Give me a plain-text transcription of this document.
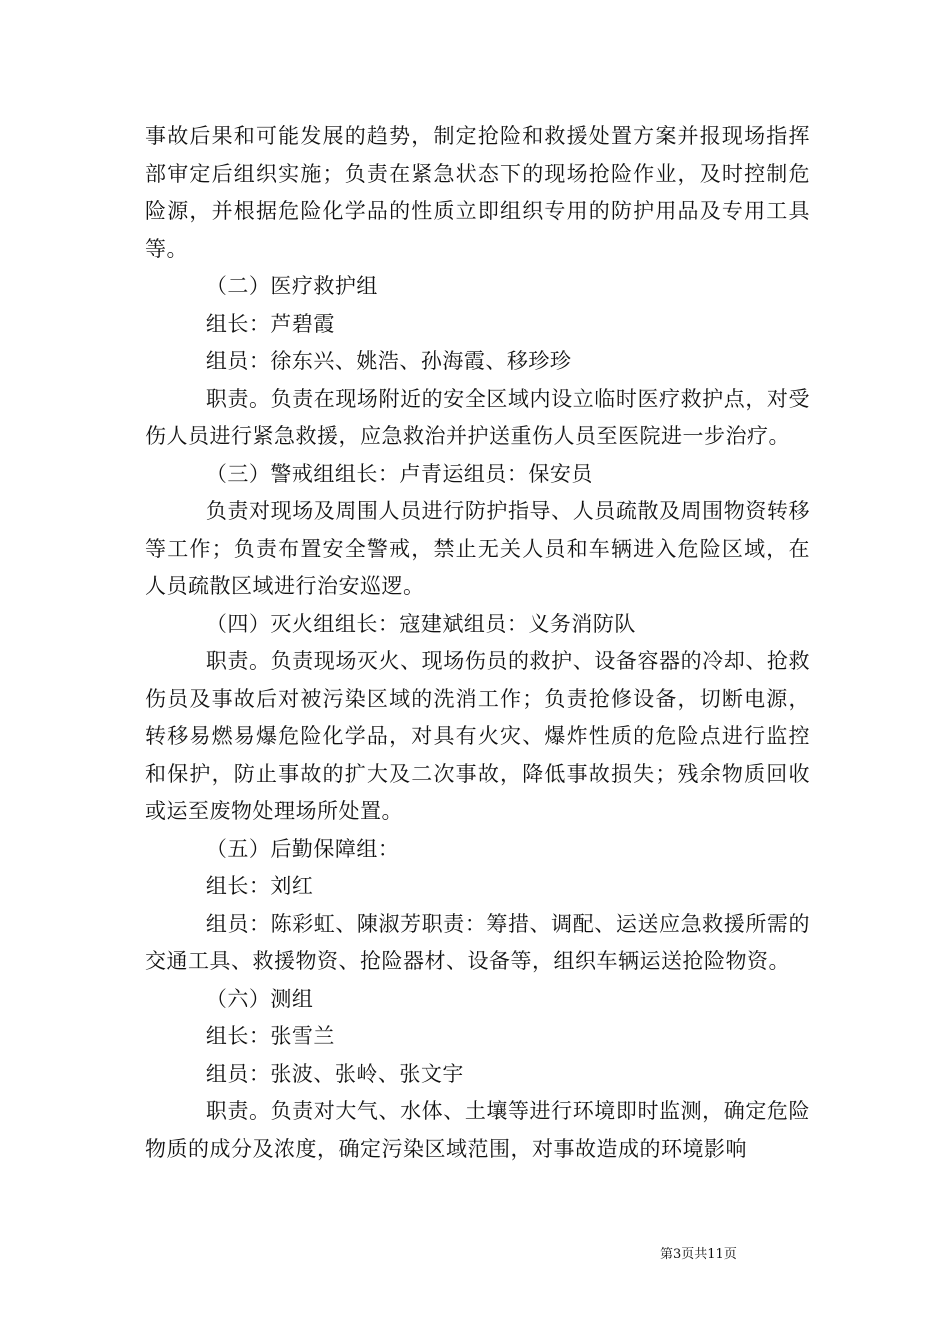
事故后果和可能发展的趋势，制定抢险和救援处置方案并报现场指挥部审定后组织实施；负责在紧急状态下的现场抢险作业，及时控制危险源，并根据危险化学品的性质立即组织专用的防护用品及专用工具等。

（二）医疗救护组

组长：芦碧霞

组员：徐东兴、姚浩、孙海霞、移珍珍

职责。负责在现场附近的安全区域内设立临时医疗救护点，对受伤人员进行紧急救援，应急救治并护送重伤人员至医院进一步治疗。

（三）警戒组组长：卢青运组员：保安员

负责对现场及周围人员进行防护指导、人员疏散及周围物资转移等工作；负责布置安全警戒，禁止无关人员和车辆进入危险区域，在人员疏散区域进行治安巡逻。

（四）灭火组组长：寇建斌组员：义务消防队

职责。负责现场灭火、现场伤员的救护、设备容器的冷却、抢救伤员及事故后对被污染区域的洗消工作；负责抢修设备，切断电源，转移易燃易爆危险化学品，对具有火灾、爆炸性质的危险点进行监控和保护，防止事故的扩大及二次事故，降低事故损失；残余物质回收或运至废物处理场所处置。

（五）后勤保障组：

组长：刘红

组员：陈彩虹、陳淑芳职责：筹措、调配、运送应急救援所需的交通工具、救援物资、抢险器材、设备等，组织车辆运送抢险物资。

（六）测组

组长：张雪兰

组员：张波、张岭、张文宇

职责。负责对大气、水体、土壤等进行环境即时监测，确定危险物质的成分及浓度，确定污染区域范围，对事故造成的环境影响

第3页共11页
